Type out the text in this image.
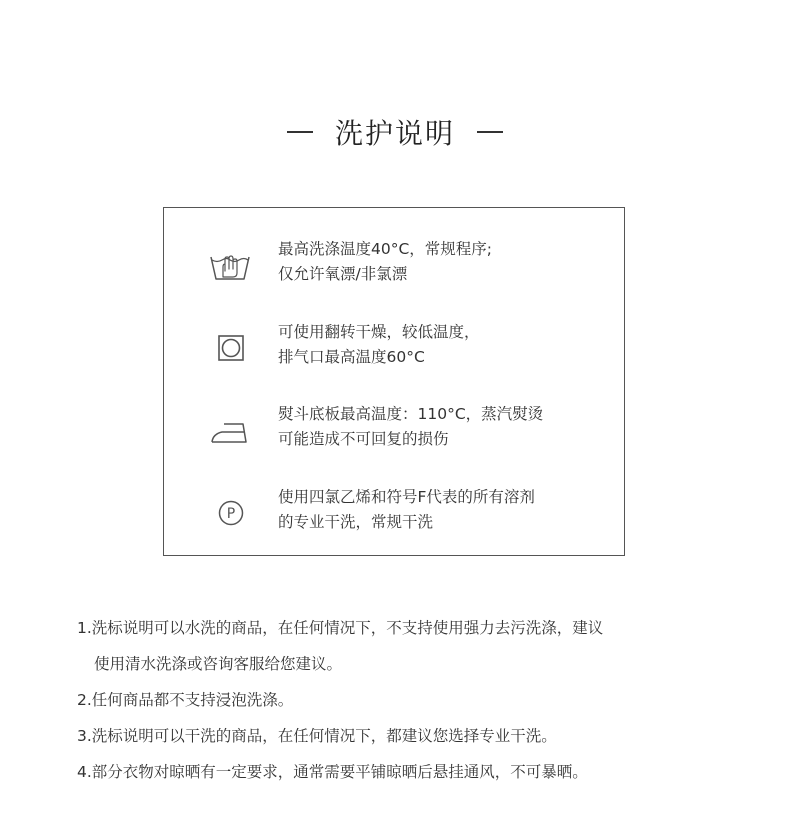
洗护说明
最高洗涤温度40°C，常规程序;
仅允许氧漂/非氯漂
可使用翻转干燥，较低温度，
排气口最高温度60°C
熨斗底板最高温度：110°C，蒸汽熨烫
可能造成不可回复的损伤
P
使用四氯乙烯和符号F代表的所有溶剂
的专业干洗，常规干洗
1.洗标说明可以水洗的商品，在任何情况下，不支持使用强力去污洗涤，建议
使用清水洗涤或咨询客服给您建议。
2.任何商品都不支持浸泡洗涤。
3.洗标说明可以干洗的商品，在任何情况下，都建议您选择专业干洗。
4.部分衣物对晾晒有一定要求，通常需要平铺晾晒后悬挂通风，不可暴晒。
